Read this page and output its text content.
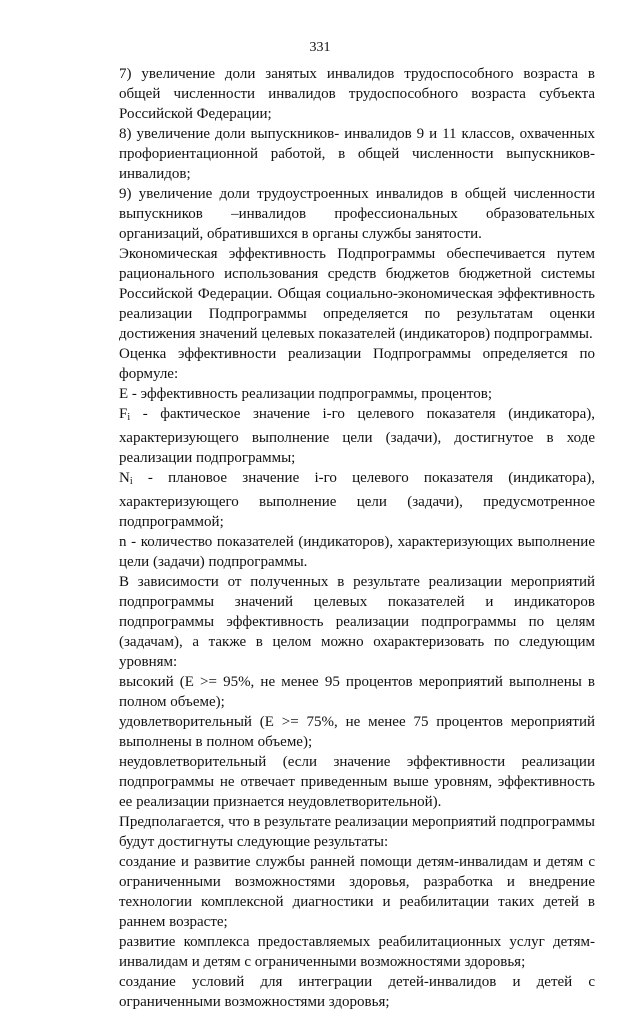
331

7) увеличение доли занятых инвалидов трудоспособного возраста в общей численности инвалидов трудоспособного возраста субъекта Российской Федерации;

8) увеличение доли выпускников- инвалидов 9 и 11 классов, охваченных профориентационной работой, в общей численности выпускников-инвалидов;

9) увеличение доли трудоустроенных инвалидов в общей численности выпускников –инвалидов профессиональных образовательных организаций, обратившихся в органы службы занятости.

Экономическая эффективность Подпрограммы обеспечивается путем рационального использования средств бюджетов бюджетной системы Российской Федерации. Общая социально-экономическая эффективность реализации Подпрограммы определяется по результатам оценки достижения значений целевых показателей (индикаторов) подпрограммы.

Оценка эффективности реализации Подпрограммы определяется по формуле:

E - эффективность реализации подпрограммы, процентов;

$F_i$ - фактическое значение i-го целевого показателя (индикатора), характеризующего выполнение цели (задачи), достигнутое в ходе реализации подпрограммы;

$N_i$ - плановое значение i-го целевого показателя (индикатора), характеризующего выполнение цели (задачи), предусмотренное подпрограммой;

n - количество показателей (индикаторов), характеризующих выполнение цели (задачи) подпрограммы.

В зависимости от полученных в результате реализации мероприятий подпрограммы значений целевых показателей и индикаторов подпрограммы эффективность реализации подпрограммы по целям (задачам), а также в целом можно охарактеризовать по следующим уровням:

высокий (E >= 95%, не менее 95 процентов мероприятий выполнены в полном объеме);

удовлетворительный (E >= 75%, не менее 75 процентов мероприятий выполнены в полном объеме);

неудовлетворительный (если значение эффективности реализации подпрограммы не отвечает приведенным выше уровням, эффективность ее реализации признается неудовлетворительной).

Предполагается, что в результате реализации мероприятий подпрограммы будут достигнуты следующие результаты:

создание и развитие службы ранней помощи детям-инвалидам и детям с ограниченными возможностями здоровья, разработка и внедрение технологии комплексной диагностики и реабилитации таких детей в раннем возрасте;

развитие комплекса предоставляемых реабилитационных услуг детям-инвалидам и детям с ограниченными возможностями здоровья;

создание условий для интеграции детей-инвалидов и детей с ограниченными возможностями здоровья;
